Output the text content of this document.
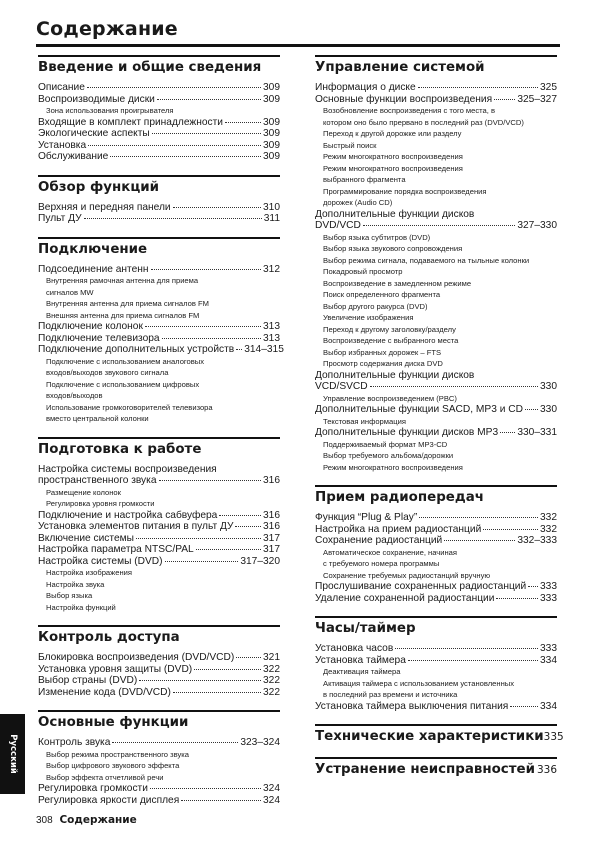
Содержание
Введение и общие сведения
Описание	309
Воспроизводимые диски	309
Зона использования проигрывателя
Входящие в комплект принадлежности	309
Экологические аспекты	309
Установка	309
Обслуживание	309
Обзор функций
Верхняя и передняя панели	310
Пульт ДУ	311
Подключение
Подсоединение антенн	312
Внутренняя рамочная антенна для приема
сигналов MW
Внутренняя антенна для приема сигналов FM
Внешняя антенна для приема сигналов FM
Подключение колонок	313
Подключение телевизора	313
Подключение дополнительных устройств 314–315
Подключение с использованием аналоговых
входов/выходов звукового сигнала
Подключение с использованием цифровых
входов/выходов
Использование громкоговорителей телевизора
вместо центральной колонки
Подготовка к работе
Настройка системы воспроизведения
пространственного звука	316
Размещение колонок
Регулировка уровня громкости
Подключение и настройка сабвуфера	316
Установка элементов питания в пульт ДУ	316
Включение системы	317
Настройка параметра NTSC/PAL	317
Настройка системы (DVD)	317–320
Настройка изображения
Настройка звука
Выбор языка
Настройка функций
Контроль доступа
Блокировка воспроизведения (DVD/VCD)	321
Установка уровня защиты (DVD)	322
Выбор страны (DVD)	322
Изменение кода (DVD/VCD)	322
Основные функции
Контроль звука	323–324
Выбор режима пространственного звука
Выбор цифрового звукового эффекта
Выбор эффекта отчетливой речи
Регулировка громкости	324
Регулировка яркости дисплея	324
Управление системой
Информация о диске	325
Основные функции воспроизведения 325–327
Возобновление воспроизведения с того места, в
котором оно было прервано в последний раз (DVD/VCD)
Переход к другой дорожке или разделу
Быстрый поиск
Режим многократного воспроизведения
Режим многократного воспроизведения
выбранного фрагмента
Программирование порядка воспроизведения
дорожек (Audio CD)
Дополнительные функции дисков
DVD/VCD	327–330
Выбор языка субтитров (DVD)
Выбор языка звукового сопровождения
Выбор режима сигнала, подаваемого на тыльные колонки
Покадровый просмотр
Воспроизведение в замедленном режиме
Поиск определенного фрагмента
Выбор другого ракурса (DVD)
Увеличение изображения
Переход к другому заголовку/разделу
Воспроизведение с выбранного места
Выбор избранных дорожек – FTS
Просмотр содержания диска DVD
Дополнительные функции дисков
VCD/SVCD	330
Управление воспроизведением (PBC)
Дополнительные функции SACD, MP3 и CD 330
Текстовая информация
Дополнительные функции дисков MP3 330–331
Поддерживаемый формат MP3-CD
Выбор требуемого альбома/дорожки
Режим многократного воспроизведения
Прием радиопередач
Функция “Plug & Play”	332
Настройка на прием радиостанций	332
Сохранение радиостанций	332–333
Автоматическое сохранение, начиная
с требуемого номера программы
Сохранение требуемых радиостанций вручную
Прослушивание сохраненных радиостанций 333
Удаление сохраненной радиостанции	333
Часы/таймер
Установка часов	333
Установка таймера	334
Деактивация таймера
Активация таймера с использованием установленных
в последний раз времени и источника
Установка таймера выключения питания	334
Технические характеристики 335
Устранение неисправностей 336
Русский
308 Содержание
